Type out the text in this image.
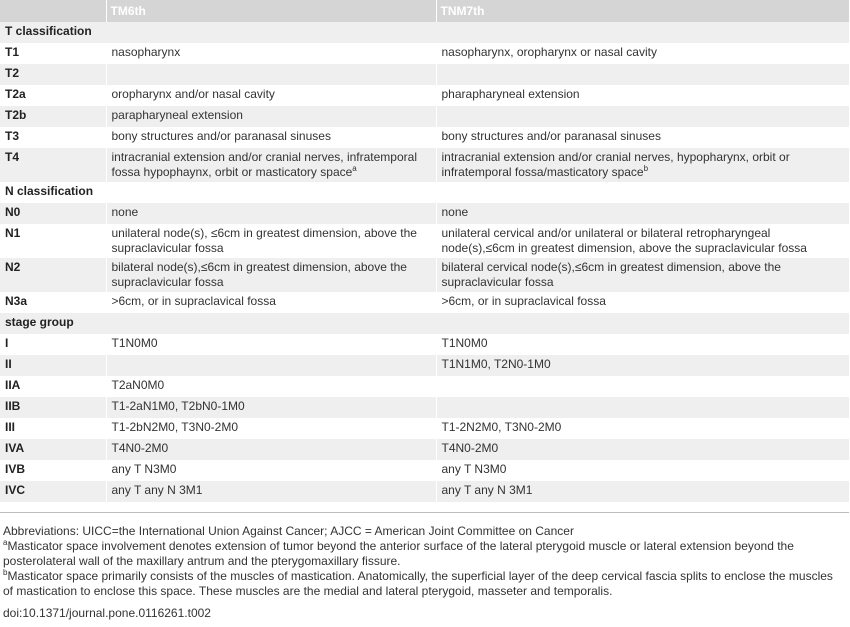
	TM6th	TNM7th
T classification		
T1	nasopharynx	nasopharynx, oropharynx or nasal cavity
T2		
T2a	oropharynx and/or nasal cavity	pharapharyneal extension
T2b	parapharyneal extension	
T3	bony structures and/or paranasal sinuses	bony structures and/or paranasal sinuses
T4	intracranial extension and/or cranial nerves, infratemporal fossa hypophaynx, orbit or masticatory space$^a$	intracranial extension and/or cranial nerves, hypopharynx, orbit or infratemporal fossa/masticatory space$^b$
N classification		
N0	none	none
N1	unilateral node(s), ≤6cm in greatest dimension, above the supraclavicular fossa	unilateral cervical and/or unilateral or bilateral retropharyngeal node(s),≤6cm in greatest dimension, above the supraclavicular fossa
N2	bilateral node(s),≤6cm in greatest dimension, above the supraclavicular fossa	bilateral cervical node(s),≤6cm in greatest dimension, above the supraclavicular fossa
N3a	>6cm, or in supraclavical fossa	>6cm, or in supraclavical fossa
stage group		
I	T1N0M0	T1N0M0
II		T1N1M0, T2N0-1M0
IIA	T2aN0M0	
IIB	T1-2aN1M0, T2bN0-1M0	
III	T1-2bN2M0, T3N0-2M0	T1-2N2M0, T3N0-2M0
IVA	T4N0-2M0	T4N0-2M0
IVB	any T N3M0	any T N3M0
IVC	any T any N 3M1	any T any N 3M1
Abbreviations: UICC=the International Union Against Cancer; AJCC = American Joint Committee on Cancer
$^a$Masticator space involvement denotes extension of tumor beyond the anterior surface of the lateral pterygoid muscle or lateral extension beyond the posterolateral wall of the maxillary antrum and the pterygomaxillary fissure.
$^b$Masticator space primarily consists of the muscles of mastication. Anatomically, the superficial layer of the deep cervical fascia splits to enclose the muscles of mastication to enclose this space. These muscles are the medial and lateral pterygoid, masseter and temporalis.
doi:10.1371/journal.pone.0116261.t002
